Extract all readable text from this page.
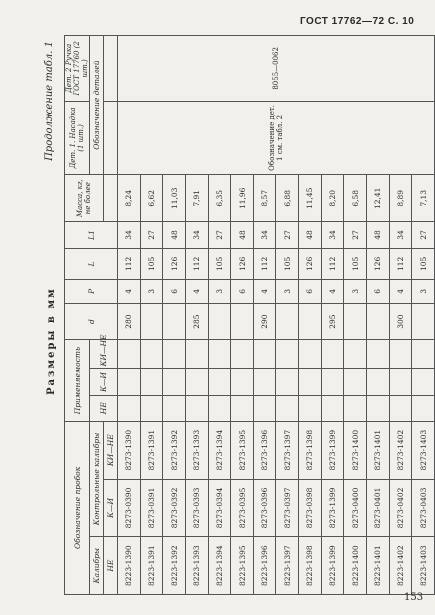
ГОСТ 17762—72 С. 10
Размеры в мм
Продолжение табл. 1
Обозначение пробок			Применяемость			d	P	L	L1	Масса, кг, не более	Дет. 1. Насадка (1 шт.)	Дет. 2 Ручка ГОСТ 17760 (2 шт.)
Калибры	Контрольные калибры		НЕ	К—И	КИ—НЕ						Обозначение деталей	
НЕ	К—И	КИ—НЕ										
8223-1390	8273-0390	8273-1390				280	4	112	34	8,24	Обозначение дет. 1 см. табл. 2	8055—0062
8223-1391	8273-0391	8273-1391					3	105	27	6,62		
8223-1392	8273-0392	8273-1392					6	126	48	11,03		
8223-1393	8273-0393	8273-1393				285	4	112	34	7,91		
8223-1394	8273-0394	8273-1394					3	105	27	6,35		
8223-1395	8273-0395	8273-1395					6	126	48	11,96		
8223-1396	8273-0396	8273-1396				290	4	112	34	8,57		
8223-1397	8273-0397	8273-1397					3	105	27	6,88		
8223-1398	8273-0398	8273-1398					6	126	48	11,45		
8223-1399	8273-1399	8273-1399				295	4	112	34	8,20		
8223-1400	8273-0400	8273-1400					3	105	27	6,58		
8223-1401	8273-0401	8273-1401					6	126	48	12,41		
8223-1402	8273-0402	8273-1402				300	4	112	34	8,89		
8223-1403	8273-0403	8273-1403					3	105	27	7,13		
153
